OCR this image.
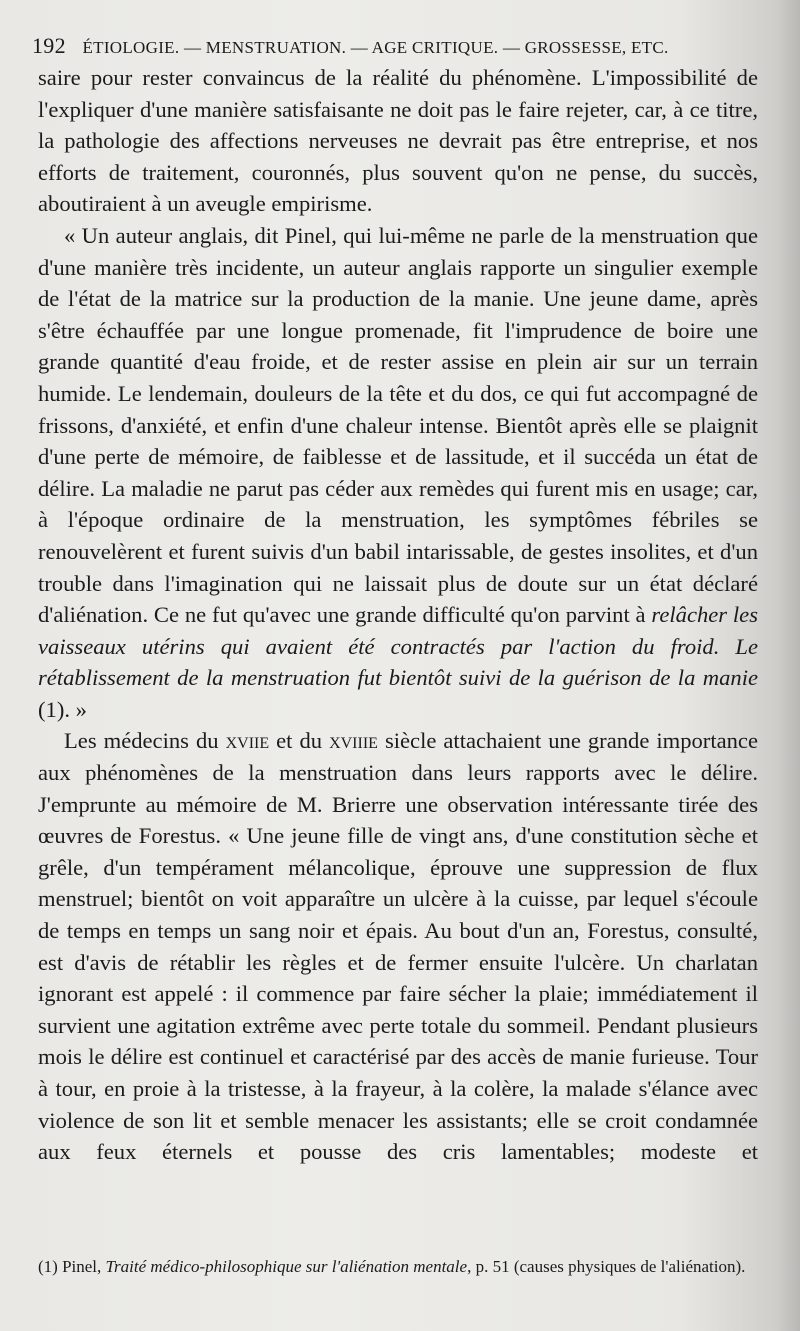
192 ÉTIOLOGIE. — MENSTRUATION. — AGE CRITIQUE. — GROSSESSE, ETC.

saire pour rester convaincus de la réalité du phénomène. L'impossibilité de l'expliquer d'une manière satisfaisante ne doit pas le faire rejeter, car, à ce titre, la pathologie des affections nerveuses ne devrait pas être entreprise, et nos efforts de traitement, couronnés, plus souvent qu'on ne pense, du succès, aboutiraient à un aveugle empirisme.

« Un auteur anglais, dit Pinel, qui lui-même ne parle de la menstruation que d'une manière très incidente, un auteur anglais rapporte un singulier exemple de l'état de la matrice sur la production de la manie. Une jeune dame, après s'être échauffée par une longue promenade, fit l'imprudence de boire une grande quantité d'eau froide, et de rester assise en plein air sur un terrain humide. Le lendemain, douleurs de la tête et du dos, ce qui fut accompagné de frissons, d'anxiété, et enfin d'une chaleur intense. Bientôt après elle se plaignit d'une perte de mémoire, de faiblesse et de lassitude, et il succéda un état de délire. La maladie ne parut pas céder aux remèdes qui furent mis en usage; car, à l'époque ordinaire de la menstruation, les symptômes fébriles se renouvelèrent et furent suivis d'un babil intarissable, de gestes insolites, et d'un trouble dans l'imagination qui ne laissait plus de doute sur un état déclaré d'aliénation. Ce ne fut qu'avec une grande difficulté qu'on parvint à relâcher les vaisseaux utérins qui avaient été contractés par l'action du froid. Le rétablissement de la menstruation fut bientôt suivi de la guérison de la manie (1). »

Les médecins du xviie et du xviiie siècle attachaient une grande importance aux phénomènes de la menstruation dans leurs rapports avec le délire. J'emprunte au mémoire de M. Brierre une observation intéressante tirée des œuvres de Forestus. « Une jeune fille de vingt ans, d'une constitution sèche et grêle, d'un tempérament mélancolique, éprouve une suppression de flux menstruel; bientôt on voit apparaître un ulcère à la cuisse, par lequel s'écoule de temps en temps un sang noir et épais. Au bout d'un an, Forestus, consulté, est d'avis de rétablir les règles et de fermer ensuite l'ulcère. Un charlatan ignorant est appelé : il commence par faire sécher la plaie; immédiatement il survient une agitation extrême avec perte totale du sommeil. Pendant plusieurs mois le délire est continuel et caractérisé par des accès de manie furieuse. Tour à tour, en proie à la tristesse, à la frayeur, à la colère, la malade s'élance avec violence de son lit et semble menacer les assistants; elle se croit condamnée aux feux éternels et pousse des cris lamentables; modeste et

(1) Pinel, Traité médico-philosophique sur l'aliénation mentale, p. 51 (causes physiques de l'aliénation).
